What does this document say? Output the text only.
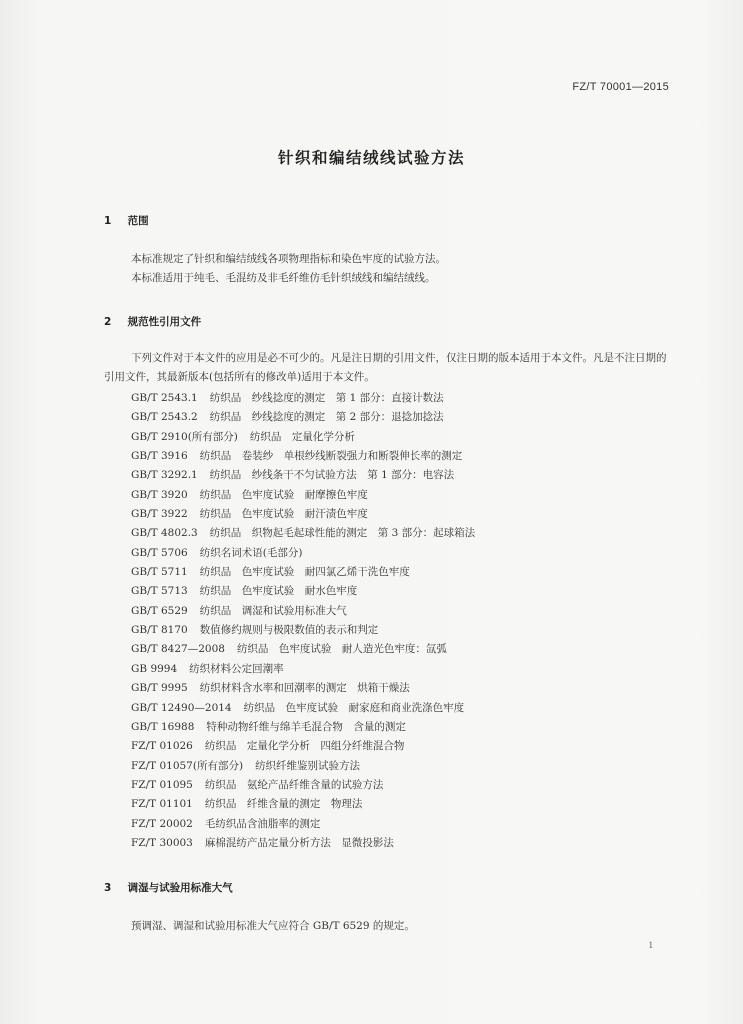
FZ/T 70001—2015
针织和编结绒线试验方法
1 范围
本标准规定了针织和编结绒线各项物理指标和染色牢度的试验方法。
本标准适用于纯毛、毛混纺及非毛纤维仿毛针织绒线和编结绒线。
2 规范性引用文件
下列文件对于本文件的应用是必不可少的。凡是注日期的引用文件，仅注日期的版本适用于本文件。凡是不注日期的引用文件，其最新版本(包括所有的修改单)适用于本文件。
GB/T 2543.1 纺织品　纱线捻度的测定　第 1 部分：直接计数法
GB/T 2543.2 纺织品　纱线捻度的测定　第 2 部分：退捻加捻法
GB/T 2910(所有部分) 纺织品　定量化学分析
GB/T 3916 纺织品　卷装纱　单根纱线断裂强力和断裂伸长率的测定
GB/T 3292.1 纺织品　纱线条干不匀试验方法　第 1 部分：电容法
GB/T 3920 纺织品　色牢度试验　耐摩擦色牢度
GB/T 3922 纺织品　色牢度试验　耐汗渍色牢度
GB/T 4802.3 纺织品　织物起毛起球性能的测定　第 3 部分：起球箱法
GB/T 5706 纺织名词术语(毛部分)
GB/T 5711 纺织品　色牢度试验　耐四氯乙烯干洗色牢度
GB/T 5713 纺织品　色牢度试验　耐水色牢度
GB/T 6529 纺织品　调湿和试验用标准大气
GB/T 8170 数值修约规则与极限数值的表示和判定
GB/T 8427—2008 纺织品　色牢度试验　耐人造光色牢度：氙弧
GB 9994 纺织材料公定回潮率
GB/T 9995 纺织材料含水率和回潮率的测定　烘箱干燥法
GB/T 12490—2014 纺织品　色牢度试验　耐家庭和商业洗涤色牢度
GB/T 16988 特种动物纤维与绵羊毛混合物　含量的测定
FZ/T 01026 纺织品　定量化学分析　四组分纤维混合物
FZ/T 01057(所有部分) 纺织纤维鉴别试验方法
FZ/T 01095 纺织品　氨纶产品纤维含量的试验方法
FZ/T 01101 纺织品　纤维含量的测定　物理法
FZ/T 20002 毛纺织品含油脂率的测定
FZ/T 30003 麻棉混纺产品定量分析方法　显微投影法
3 调湿与试验用标准大气
预调湿、调湿和试验用标准大气应符合 GB/T 6529 的规定。
1
